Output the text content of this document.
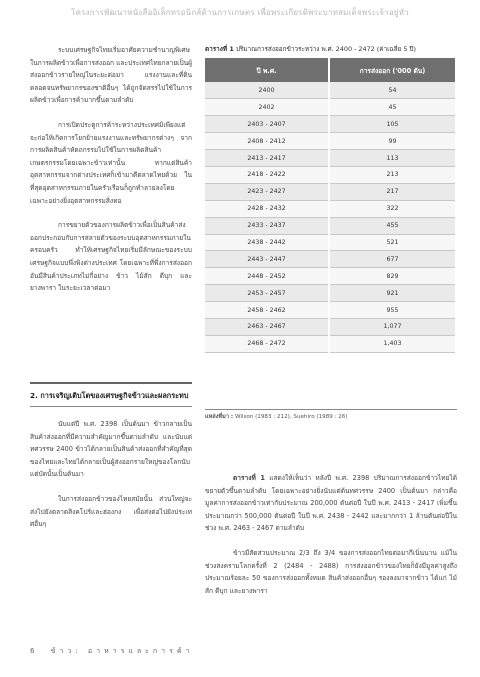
โครงการพัฒนาหนังสืออิเล็กทรอนิกส์ด้านการเกษตร เพื่อพระเกียรติพระบาทสมเด็จพระเจ้าอยู่หัว

ระบบเศรษฐกิจไทยเริ่มอาศัยความชำนาญพิเศษในการผลิตข้าวเพื่อการส่งออก และประเทศไทยกลายเป็นผู้ส่งออกข้าวรายใหญ่ในระยะต่อมา แรงงานและที่ดิน ตลอดจนทรัพยากรของชาติอื่นๆ ได้ถูกจัดสรรไปใช้ในการผลิตข้าวเพื่อการค้ามากขึ้นตามลำดับ

การเปิดประตูการค้าระหว่างประเทศมิเพียงแต่จะก่อให้เกิดการโยกย้ายแรงงานและทรัพยากรต่างๆ จากการผลิตสินค้าหัตถกรรมไปใช้ในการผลิตสินค้าเกษตรกรรมโดยเฉพาะข้าวเท่านั้น หากแต่สินค้าอุตสาหกรรมจากต่างประเทศก็เข้ามาตีตลาดไทยด้วย ในที่สุดอุตสาหกรรมภายในครัวเรือนก็ถูกทำลายลงโดยเฉพาะอย่างยิ่งอุตสาหกรรมสิ่งทอ

การขยายตัวของการผลิตข้าวเพื่อเป็นสินค้าส่งออกประกอบกับการสลายตัวของระบบอุตสาหกรรมภายในครอบครัว ทำให้เศรษฐกิจไทยเริ่มมีลักษณะของระบบเศรษฐกิจแบบพึ่งพิงต่างประเทศ โดยเฉพาะที่พึ่งการส่งออก อันมีสินค้าประเภทไม่กี่อย่าง ข้าว ไม้สัก ดีบุก และยางพารา ในระยะเวลาต่อมา

2. การเจริญเติบโตของเศรษฐกิจข้าวและผลกระทบ

นับแต่ปี พ.ศ. 2398 เป็นต้นมา ข้าวกลายเป็นสินค้าส่งออกที่มีความสำคัญมากขึ้นตามลำดับ และนับแต่ทศวรรษ 2400 ข้าวได้กลายเป็นสินค้าส่งออกที่สำคัญที่สุดของไทยและไทยได้กลายเป็นผู้ส่งออกรายใหญ่ของโลกนับแต่บัดนั้นเป็นต้นมา

ในการส่งออกข้าวของไทยสมัยนั้น ส่วนใหญ่จะส่งไปยังตลาดสิงคโปร์และฮ่องกง เพื่อส่งต่อไปยังประเทศอื่นๆ

ตารางที่ 1 ปริมาณการส่งออกข้าวระหว่าง พ.ศ. 2400 - 2472 (ค่าเฉลี่ย 5 ปี)
ปี พ.ศ.	การส่งออก ('000 ตัน)
2400	54
2402	45
2403 - 2407	105
2408 - 2412	99
2413 - 2417	113
2418 - 2422	213
2423 - 2427	217
2428 - 2432	322
2433 - 2437	455
2438 - 2442	521
2443 - 2447	677
2448 - 2452	829
2453 - 2457	921
2458 - 2462	955
2463 - 2467	1,077
2468 - 2472	1,403
แหล่งที่มา : Wilson (1983 : 212), Suehiro (1989 : 26)

ตารางที่ 1 แสดงให้เห็นว่า หลังปี พ.ศ. 2398 ปริมาณการส่งออกข้าวไทยได้ขยายตัวขึ้นตามลำดับ โดยเฉพาะอย่างยิ่งนับแต่ต้นทศวรรษ 2400 เป็นต้นมา กล่าวคือ มูลค่าการส่งออกข้าวเท่ากับประมาณ 200,000 ตันต่อปี ในปี พ.ศ. 2413 - 2417 เพิ่มขึ้นประมาณกว่า 500,000 ตันต่อปี ในปี พ.ศ. 2438 - 2442 และมากกว่า 1 ล้านตันต่อปีในช่วง พ.ศ. 2463 - 2467 ตามลำดับ

ข้าวมีสัดส่วนประมาณ 2/3 ถึง 3/4 ของการส่งออกไทยต่อมากีเนิ่นนาน แม้ในช่วงสงครามโลกครั้งที่ 2 (2484 - 2488) การส่งออกข้าวของไทยก็ยังมีมูลค่าสูงถึงประมาณร้อยละ 50 ของการส่งออกทั้งหมด สินค้าส่งออกอื่นๆ รองลงมาจากข้าว ได้แก่ ไม้สัก ดีบุก และยางพารา

6 ข้าว: อาหารและการค้า
